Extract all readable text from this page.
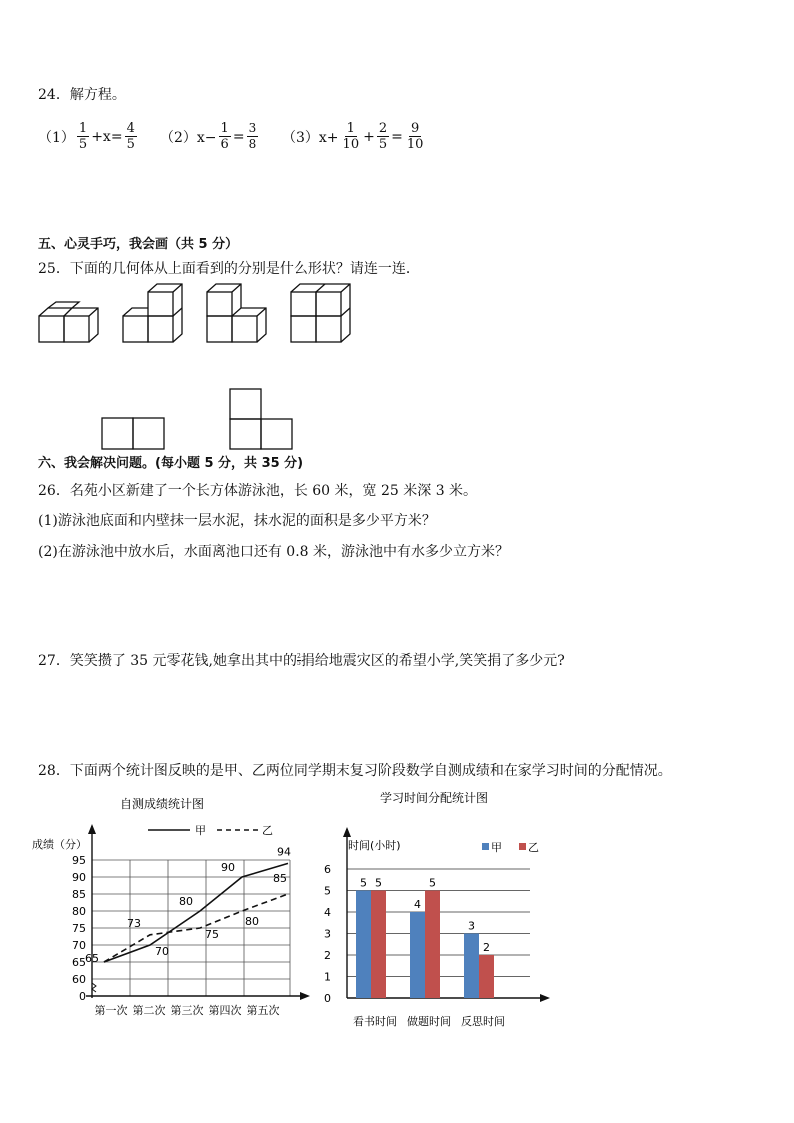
24．解方程。
$(1) \frac{1}{5} +x= \frac{4}{5} (2)x- \frac{1}{6} = \frac{3}{8} (3)x+ \frac{1}{10} + \frac{2}{5} = \frac{9}{10}$
五、心灵手巧，我会画（共 5 分）
25．下面的几何体从上面看到的分别是什么形状？请连一连．
六、我会解决问题。(每小题 5 分，共 35 分)
26．名苑小区新建了一个长方体游泳池，长 60 米，宽 25 米深 3 米。
(1)游泳池底面和内壁抹一层水泥，抹水泥的面积是多少平方米？
(2)在游泳池中放水后，水面离池口还有 0.8 米，游泳池中有水多少立方米？
27．笑笑攒了 35 元零花钱,她拿出其中的 2
5 捐给地震灾区的希望小学,笑笑捐了多少元?
28．下面两个统计图反映的是甲、乙两位同学期末复习阶段数学自测成绩和在家学习时间的分配情况。
自测成绩统计图
甲	乙
成绩（分）
0
60
65
70
75
80
85
90
95
第一次 第二次 第三次 第四次 第五次
65
70
80
90
94
73
75
80
85
学习时间分配统计图
时间(小时)	甲 乙
0
1
2
3
4
5
6
5 5
看书时间
4
5
做题时间
3
2
反思时间
